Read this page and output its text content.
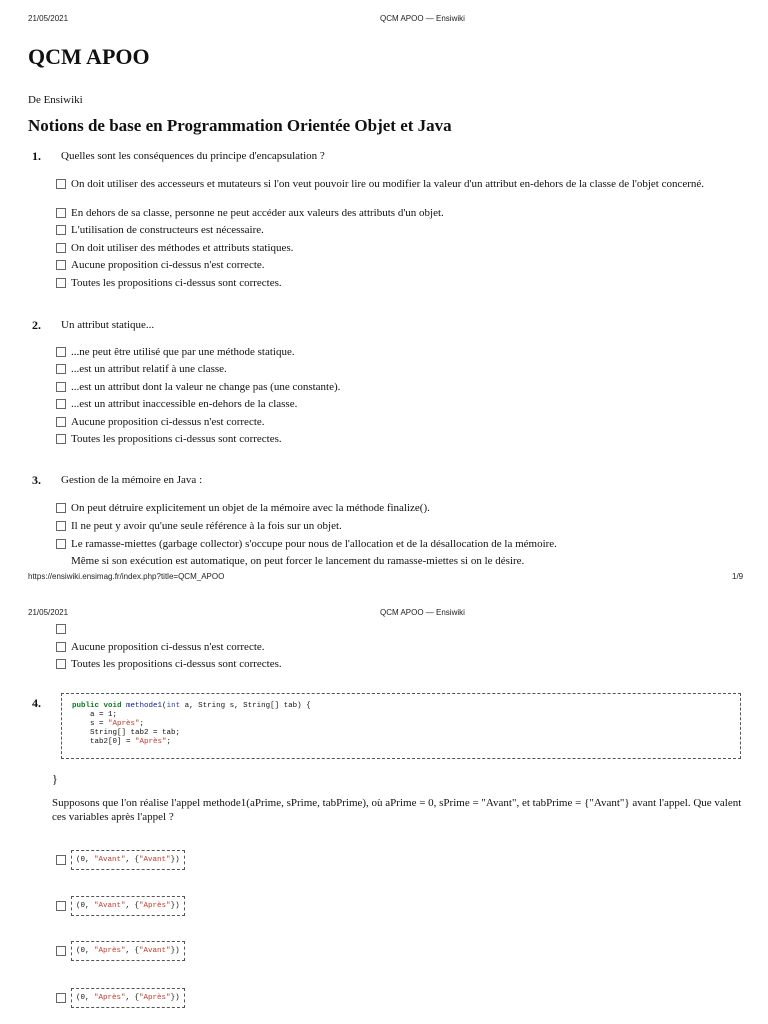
21/05/2021	QCM APOO — Ensiwiki
QCM APOO
De Ensiwiki
Notions de base en Programmation Orientée Objet et Java
1. Quelles sont les conséquences du principe d'encapsulation ?
On doit utiliser des accesseurs et mutateurs si l'on veut pouvoir lire ou modifier la valeur d'un attribut en-dehors de la classe de l'objet concerné.
En dehors de sa classe, personne ne peut accéder aux valeurs des attributs d'un objet.
L'utilisation de constructeurs est nécessaire.
On doit utiliser des méthodes et attributs statiques.
Aucune proposition ci-dessus n'est correcte.
Toutes les propositions ci-dessus sont correctes.
2. Un attribut statique...
...ne peut être utilisé que par une méthode statique.
...est un attribut relatif à une classe.
...est un attribut dont la valeur ne change pas (une constante).
...est un attribut inaccessible en-dehors de la classe.
Aucune proposition ci-dessus n'est correcte.
Toutes les propositions ci-dessus sont correctes.
3. Gestion de la mémoire en Java :
On peut détruire explicitement un objet de la mémoire avec la méthode finalize().
Il ne peut y avoir qu'une seule référence à la fois sur un objet.
Le ramasse-miettes (garbage collector) s'occupe pour nous de l'allocation et de la désallocation de la mémoire.
Même si son exécution est automatique, on peut forcer le lancement du ramasse-miettes si on le désire.
https://ensiwiki.ensimag.fr/index.php?title=QCM_APOO	1/9
21/05/2021	QCM APOO — Ensiwiki
Aucune proposition ci-dessus n'est correcte.
Toutes les propositions ci-dessus sont correctes.
4.	public void methode1(int a, String s, String[] tab) {
a = 1;
s = "Après";
String[] tab2 = tab;
tab2[0] = "Après";
}
Supposons que l'on réalise l'appel methode1(aPrime, sPrime, tabPrime), où aPrime = 0, sPrime = "Avant", et tabPrime = {"Avant"} avant l'appel. Que valent ces variables après l'appel ?
(0, "Avant", {"Avant"})
(0, "Avant", {"Après"})
(0, "Après", {"Avant"})
(0, "Après", {"Après"})
